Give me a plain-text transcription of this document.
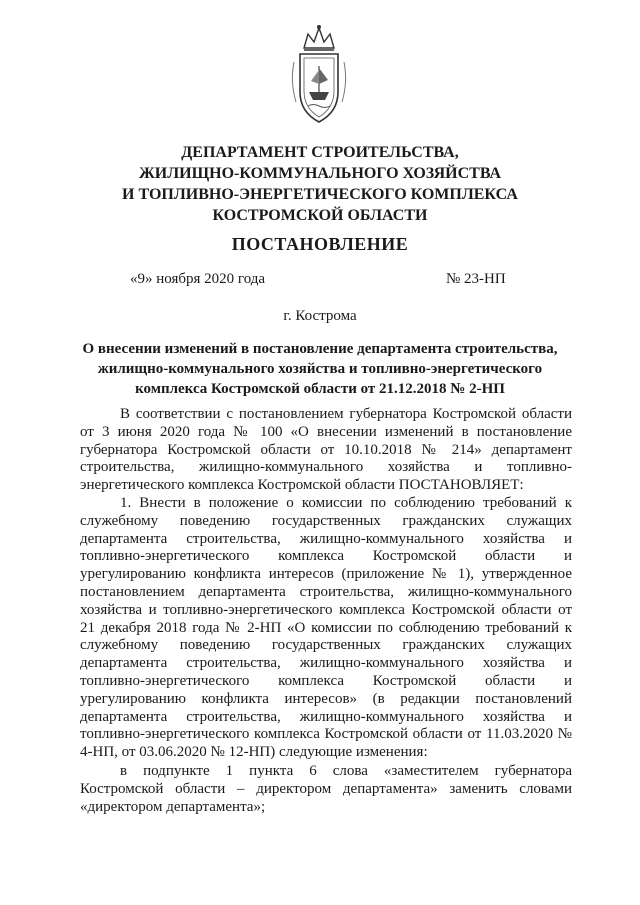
ДЕПАРТАМЕНТ СТРОИТЕЛЬСТВА,
ЖИЛИЩНО-КОММУНАЛЬНОГО ХОЗЯЙСТВА
И ТОПЛИВНО-ЭНЕРГЕТИЧЕСКОГО КОМПЛЕКСА
КОСТРОМСКОЙ ОБЛАСТИ
ПОСТАНОВЛЕНИЕ
«9» ноября 2020 года	№ 23-НП
г. Кострома
О внесении изменений в постановление департамента строительства,
жилищно-коммунального хозяйства и топливно-энергетического
комплекса Костромской области от 21.12.2018 № 2-НП

В соответствии с постановлением губернатора Костромской области от 3 июня 2020 года № 100 «О внесении изменений в постановление губернатора Костромской области от 10.10.2018 № 214» департамент строительства, жилищно-коммунального хозяйства и топливно-энергетического комплекса Костромской области ПОСТАНОВЛЯЕТ:

1. Внести в положение о комиссии по соблюдению требований к служебному поведению государственных гражданских служащих департамента строительства, жилищно-коммунального хозяйства и топливно-энергетического комплекса Костромской области и урегулированию конфликта интересов (приложение № 1), утвержденное постановлением департамента строительства, жилищно-коммунального хозяйства и топливно-энергетического комплекса Костромской области от 21 декабря 2018 года № 2-НП «О комиссии по соблюдению требований к служебному поведению государственных гражданских служащих департамента строительства, жилищно-коммунального хозяйства и топливно-энергетического комплекса Костромской области и урегулированию конфликта интересов» (в редакции постановлений департамента строительства, жилищно-коммунального хозяйства и топливно-энергетического комплекса Костромской области от 11.03.2020 № 4-НП, от 03.06.2020 № 12-НП) следующие изменения:

в подпункте 1 пункта 6 слова «заместителем губернатора Костромской области – директором департамента» заменить словами «директором департамента»;
